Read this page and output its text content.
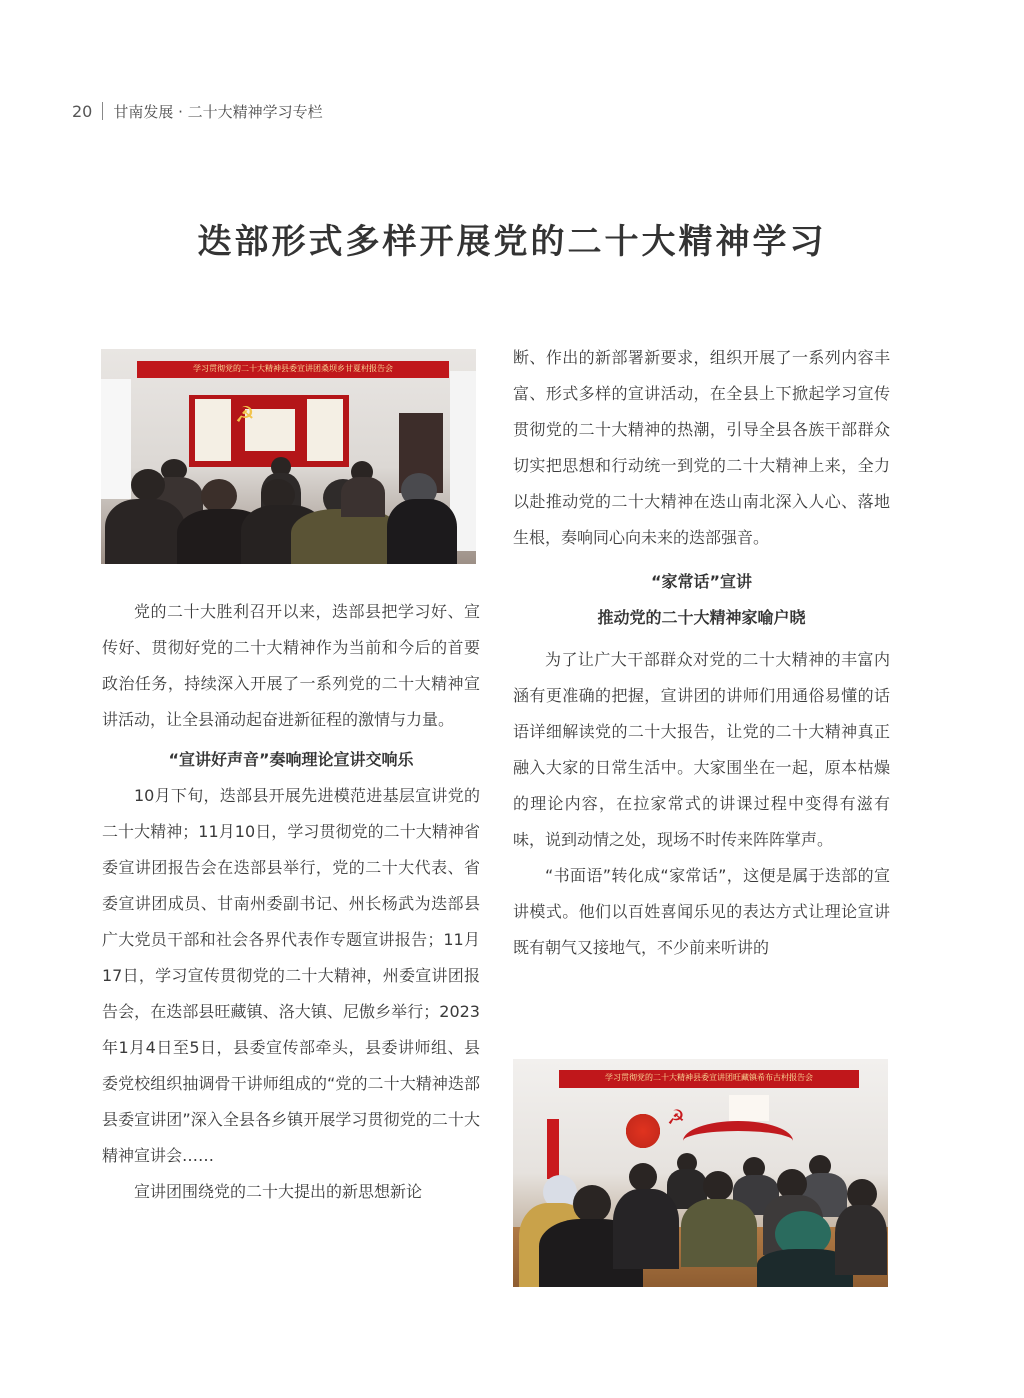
20 甘南发展 · 二十大精神学习专栏
迭部形式多样开展党的二十大精神学习
学习贯彻党的二十大精神县委宣讲团桑坝乡甘夏村报告会
☭

党的二十大胜利召开以来，迭部县把学习好、宣传好、贯彻好党的二十大精神作为当前和今后的首要政治任务，持续深入开展了一系列党的二十大精神宣讲活动，让全县涌动起奋进新征程的激情与力量。

“宣讲好声音”奏响理论宣讲交响乐

10月下旬，迭部县开展先进模范进基层宣讲党的二十大精神；11月10日，学习贯彻党的二十大精神省委宣讲团报告会在迭部县举行，党的二十大代表、省委宣讲团成员、甘南州委副书记、州长杨武为迭部县广大党员干部和社会各界代表作专题宣讲报告；11月17日，学习宣传贯彻党的二十大精神，州委宣讲团报告会，在迭部县旺藏镇、洛大镇、尼傲乡举行；2023年1月4日至5日，县委宣传部牵头，县委讲师组、县委党校组织抽调骨干讲师组成的“党的二十大精神迭部县委宣讲团”深入全县各乡镇开展学习贯彻党的二十大精神宣讲会……

宣讲团围绕党的二十大提出的新思想新论

断、作出的新部署新要求，组织开展了一系列内容丰富、形式多样的宣讲活动，在全县上下掀起学习宣传贯彻党的二十大精神的热潮，引导全县各族干部群众切实把思想和行动统一到党的二十大精神上来，全力以赴推动党的二十大精神在迭山南北深入人心、落地生根，奏响同心向未来的迭部强音。

“家常话”宣讲
推动党的二十大精神家喻户晓

为了让广大干部群众对党的二十大精神的丰富内涵有更准确的把握，宣讲团的讲师们用通俗易懂的话语详细解读党的二十大报告，让党的二十大精神真正融入大家的日常生活中。大家围坐在一起，原本枯燥的理论内容，在拉家常式的讲课过程中变得有滋有味，说到动情之处，现场不时传来阵阵掌声。

“书面语”转化成“家常话”，这便是属于迭部的宣讲模式。他们以百姓喜闻乐见的表达方式让理论宣讲既有朝气又接地气，不少前来听讲的

学习贯彻党的二十大精神县委宣讲团旺藏镇希布古村报告会
☭
